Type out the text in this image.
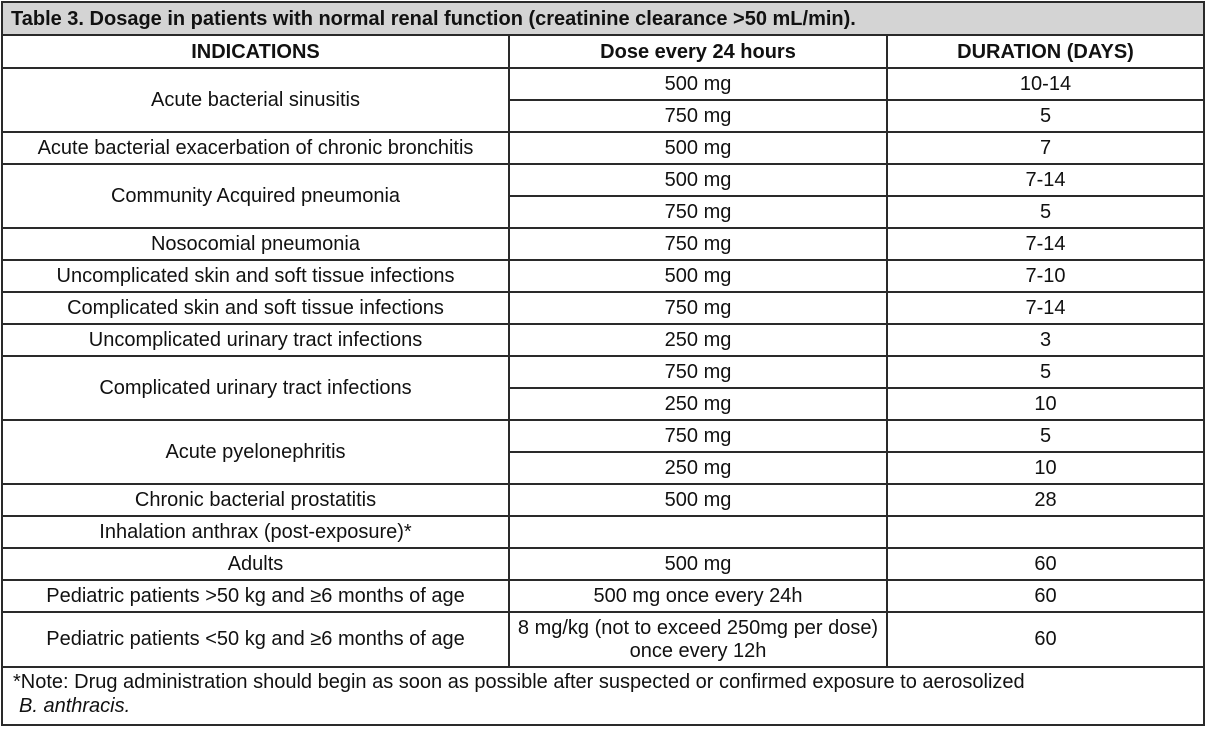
Table 3. Dosage in patients with normal renal function (creatinine clearance >50 mL/min).		
INDICATIONS	Dose every 24 hours	DURATION (DAYS)
Acute bacterial sinusitis	500 mg	10-14
	750 mg	5
Acute bacterial exacerbation of chronic bronchitis	500 mg	7
Community Acquired pneumonia	500 mg	7-14
	750 mg	5
Nosocomial pneumonia	750 mg	7-14
Uncomplicated skin and soft tissue infections	500 mg	7-10
Complicated skin and soft tissue infections	750 mg	7-14
Uncomplicated urinary tract infections	250 mg	3
Complicated urinary tract infections	750 mg	5
	250 mg	10
Acute pyelonephritis	750 mg	5
	250 mg	10
Chronic bacterial prostatitis	500 mg	28
Inhalation anthrax (post-exposure)*		
Adults	500 mg	60
Pediatric patients >50 kg and ≥6 months of age	500 mg once every 24h	60
Pediatric patients <50 kg and ≥6 months of age	8 mg/kg (not to exceed 250mg per dose) once every 12h	60
*Note: Drug administration should begin as soon as possible after suspected or confirmed exposure to aerosolized
B. anthracis.		
